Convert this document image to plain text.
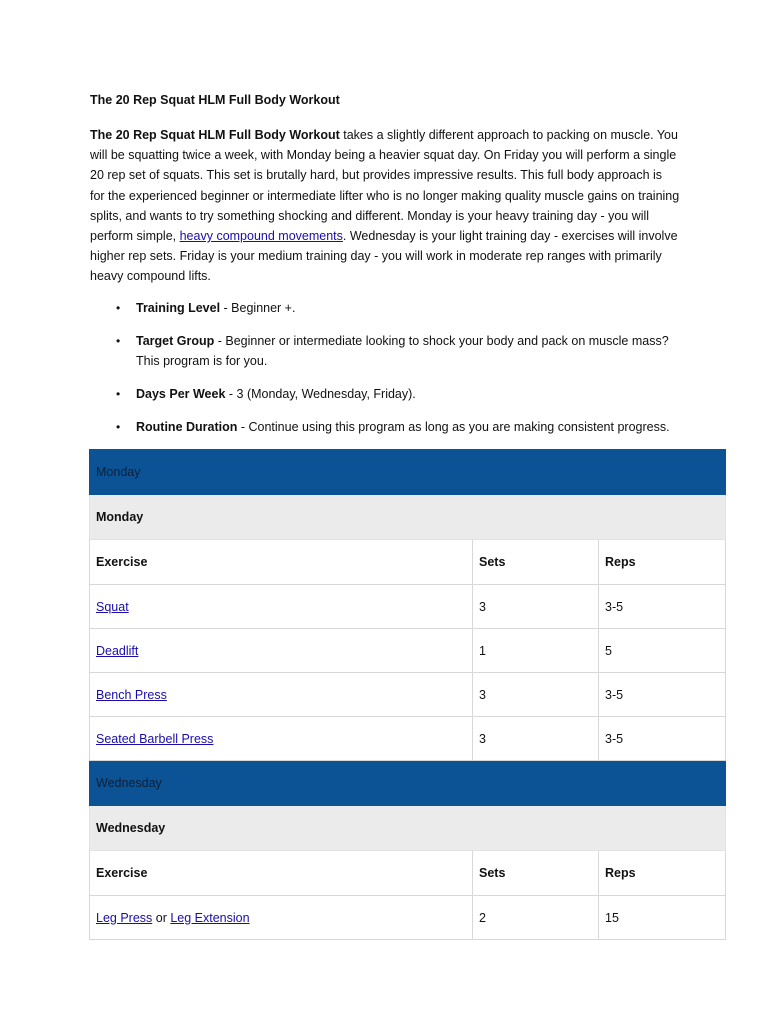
The 20 Rep Squat HLM Full Body Workout

The 20 Rep Squat HLM Full Body Workout takes a slightly different approach to packing on muscle. You will be squatting twice a week, with Monday being a heavier squat day. On Friday you will perform a single 20 rep set of squats. This set is brutally hard, but provides impressive results. This full body approach is for the experienced beginner or intermediate lifter who is no longer making quality muscle gains on training splits, and wants to try something shocking and different. Monday is your heavy training day - you will perform simple, heavy compound movements. Wednesday is your light training day - exercises will involve higher rep sets. Friday is your medium training day - you will work in moderate rep ranges with primarily heavy compound lifts.

• Training Level - Beginner +.
• Target Group - Beginner or intermediate looking to shock your body and pack on muscle mass? This program is for you.
• Days Per Week - 3 (Monday, Wednesday, Friday).
• Routine Duration - Continue using this program as long as you are making consistent progress.
Monday		
Monday		
Exercise	Sets	Reps
Squat	3	3-5
Deadlift	1	5
Bench Press	3	3-5
Seated Barbell Press	3	3-5
Wednesday		
Wednesday		
Exercise	Sets	Reps
Leg Press or Leg Extension	2	15
